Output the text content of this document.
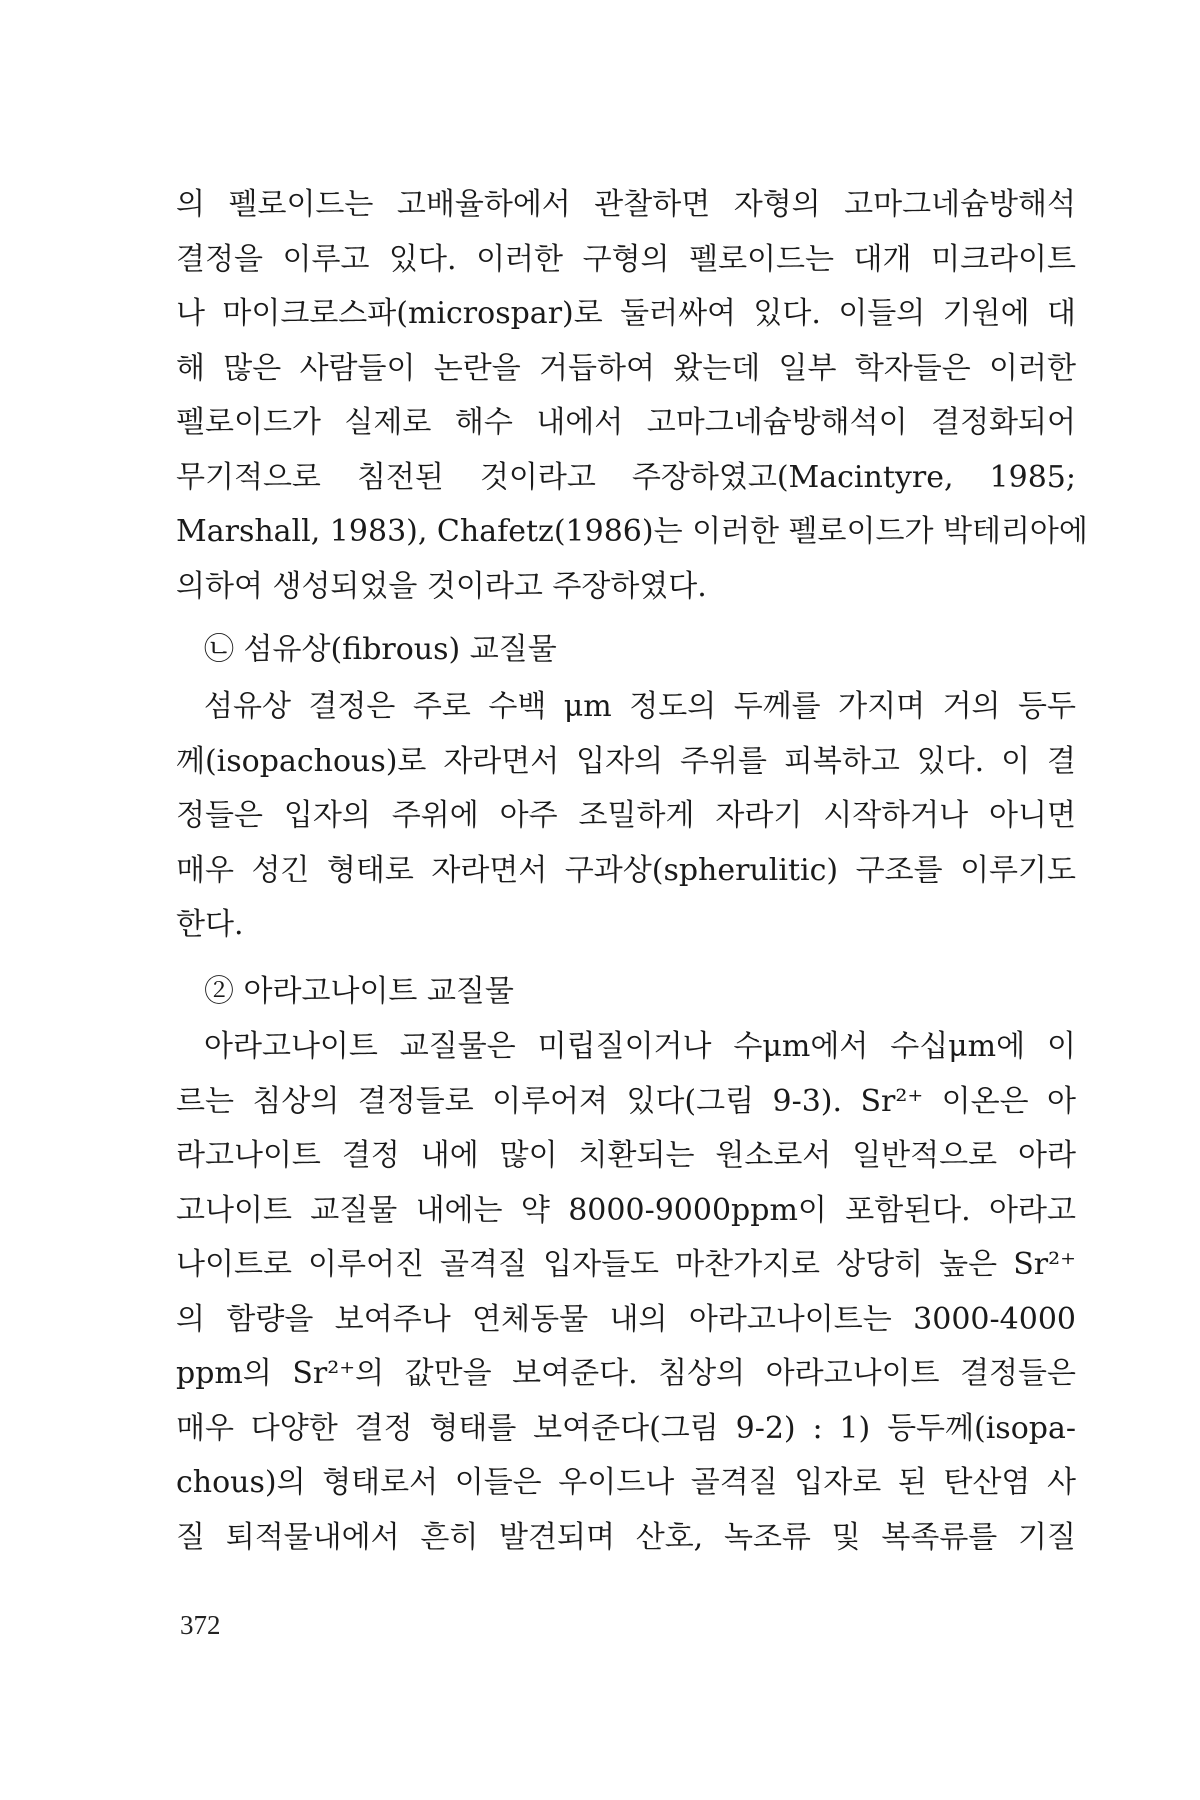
의 펠로이드는 고배율하에서 관찰하면 자형의 고마그네슘방해석
결정을 이루고 있다. 이러한 구형의 펠로이드는 대개 미크라이트
나 마이크로스파(microspar)로 둘러싸여 있다. 이들의 기원에 대
해 많은 사람들이 논란을 거듭하여 왔는데 일부 학자들은 이러한
펠로이드가 실제로 해수 내에서 고마그네슘방해석이 결정화되어
무기적으로 침전된 것이라고 주장하였고(Macintyre, 1985;
Marshall, 1983), Chafetz(1986)는 이러한 펠로이드가 박테리아에
의하여 생성되었을 것이라고 주장하였다.
㉡ 섬유상(fibrous) 교질물
섬유상 결정은 주로 수백 μm 정도의 두께를 가지며 거의 등두
께(isopachous)로 자라면서 입자의 주위를 피복하고 있다. 이 결
정들은 입자의 주위에 아주 조밀하게 자라기 시작하거나 아니면
매우 성긴 형태로 자라면서 구과상(spherulitic) 구조를 이루기도
한다.
② 아라고나이트 교질물
아라고나이트 교질물은 미립질이거나 수μm에서 수십μm에 이
르는 침상의 결정들로 이루어져 있다(그림 9-3). Sr²⁺ 이온은 아
라고나이트 결정 내에 많이 치환되는 원소로서 일반적으로 아라
고나이트 교질물 내에는 약 8000-9000ppm이 포함된다. 아라고
나이트로 이루어진 골격질 입자들도 마찬가지로 상당히 높은 Sr²⁺
의 함량을 보여주나 연체동물 내의 아라고나이트는 3000-4000
ppm의 Sr²⁺의 값만을 보여준다. 침상의 아라고나이트 결정들은
매우 다양한 결정 형태를 보여준다(그림 9-2) : 1) 등두께(isopa-
chous)의 형태로서 이들은 우이드나 골격질 입자로 된 탄산염 사
질 퇴적물내에서 흔히 발견되며 산호, 녹조류 및 복족류를 기질
372
